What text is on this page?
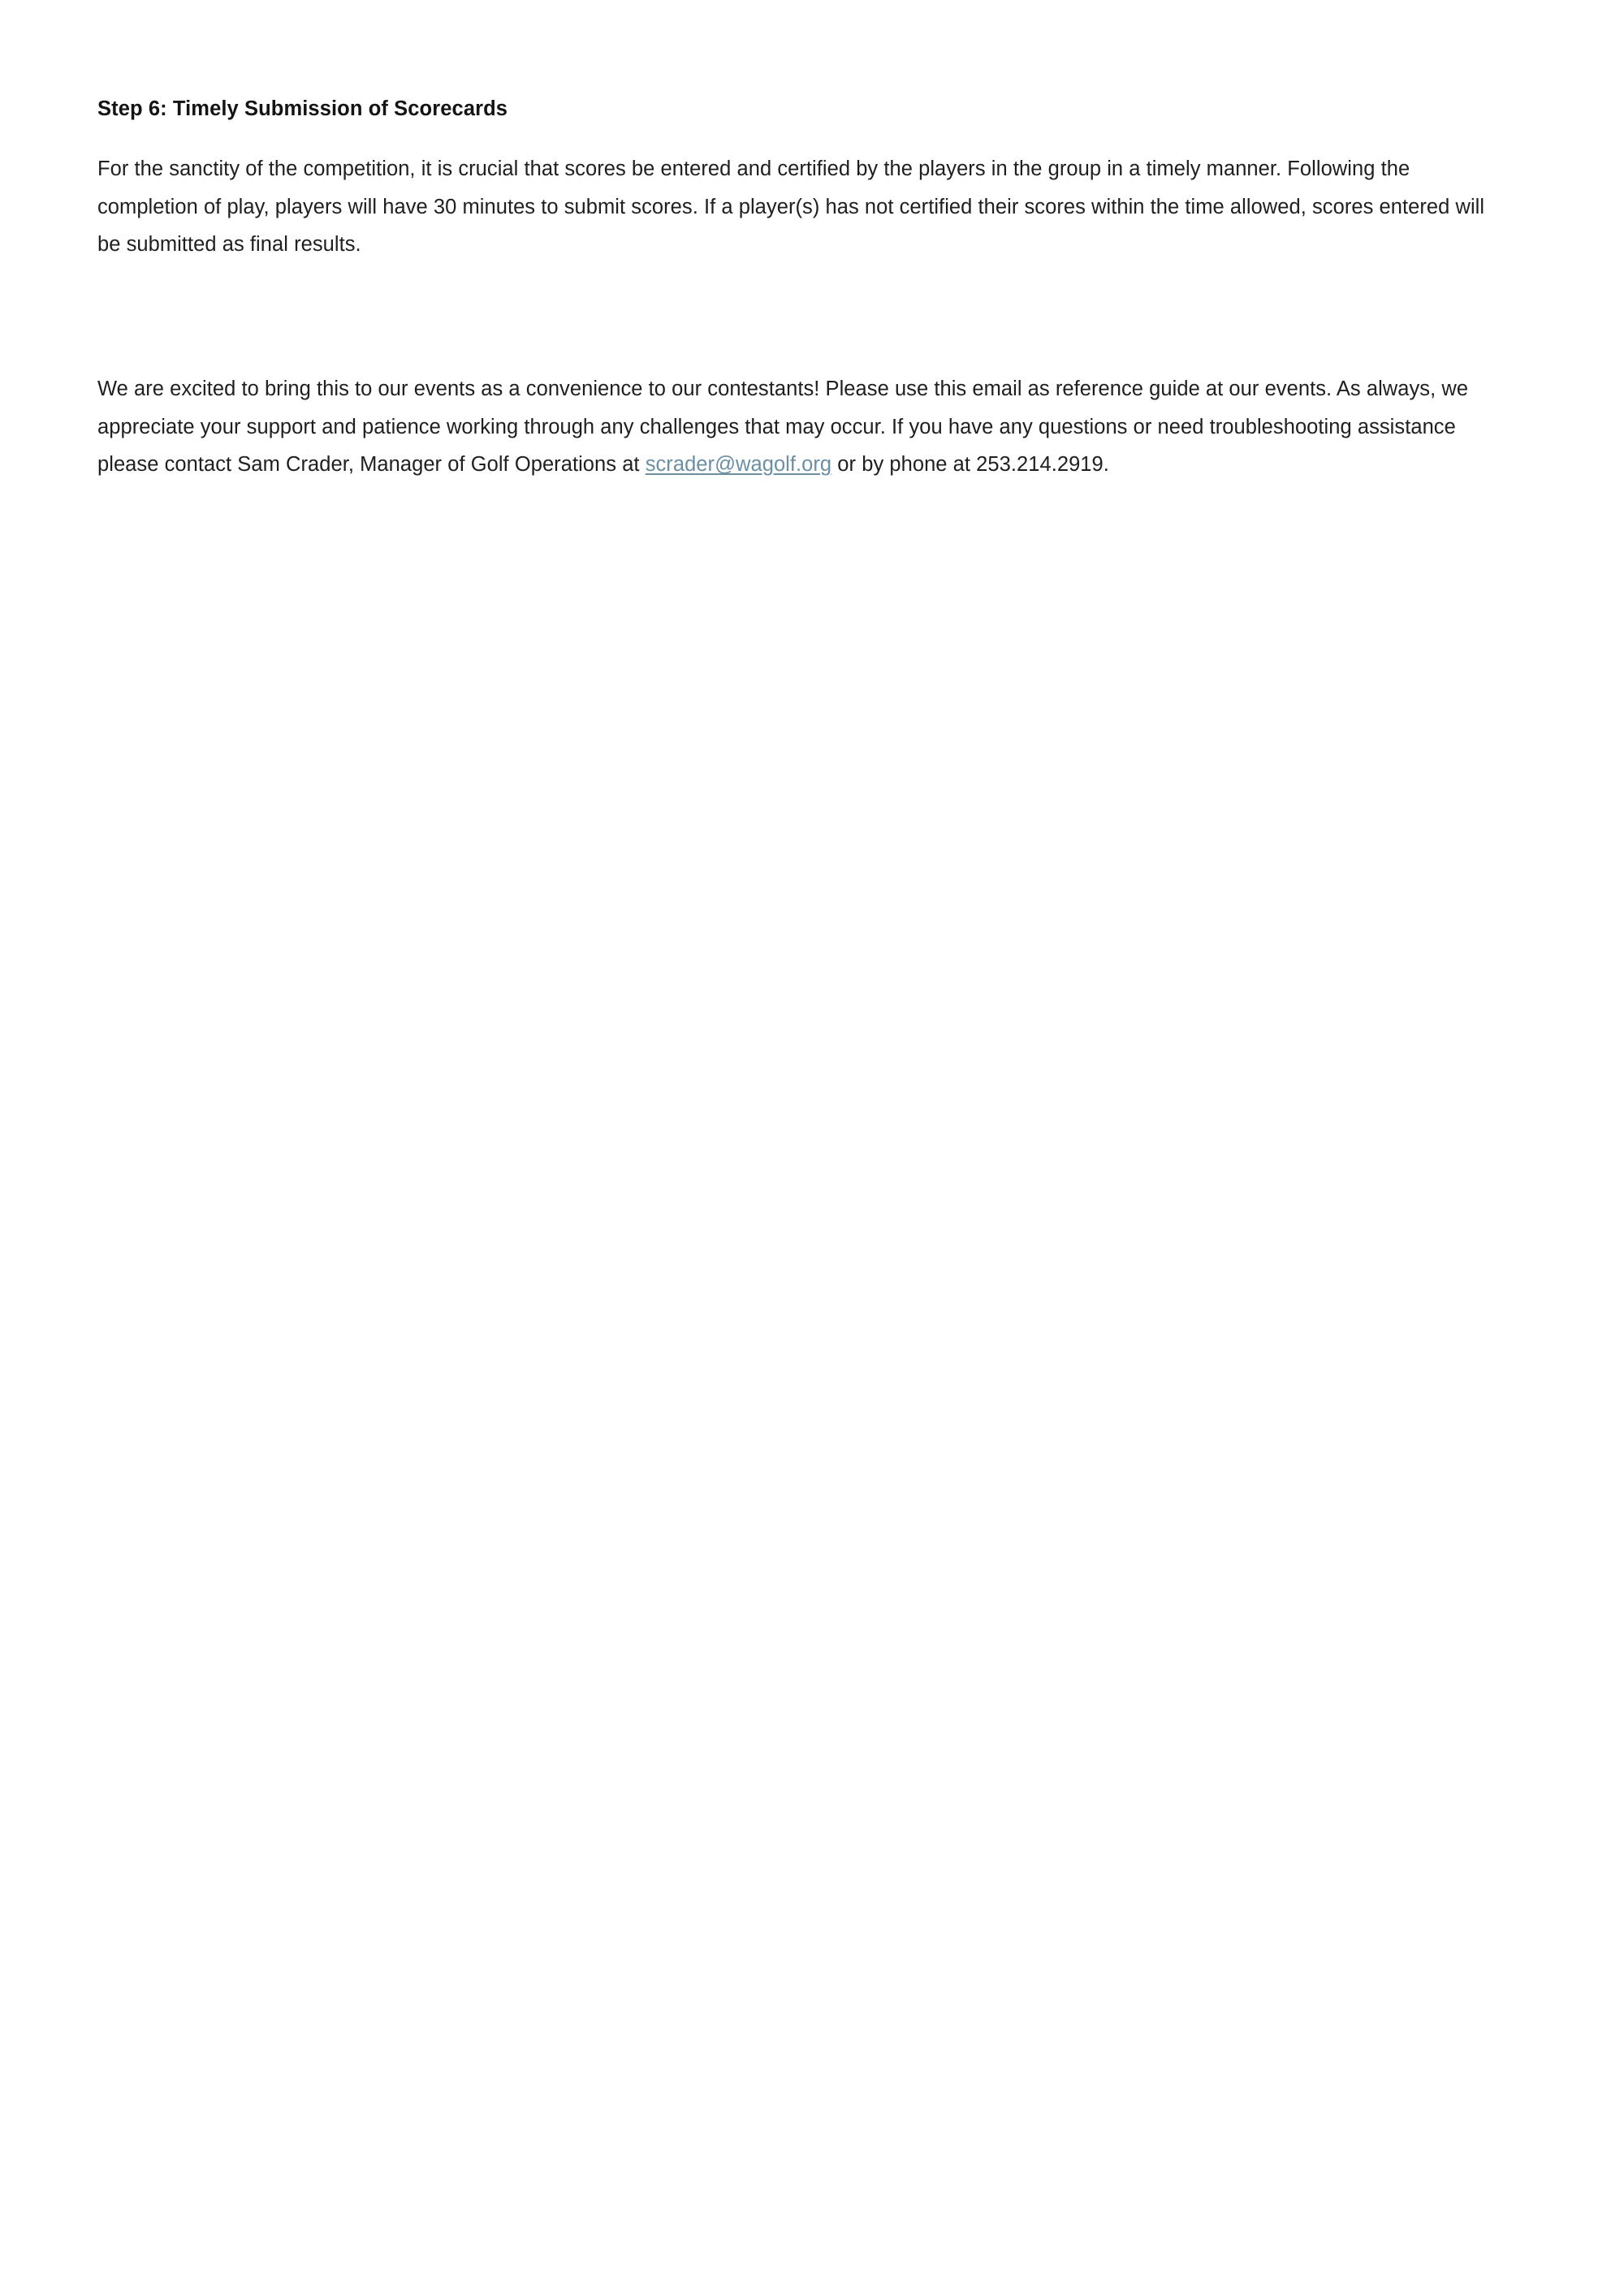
Step 6: Timely Submission of Scorecards

For the sanctity of the competition, it is crucial that scores be entered and certified by the players in the group in a timely manner. Following the completion of play, players will have 30 minutes to submit scores. If a player(s) has not certified their scores within the time allowed, scores entered will be submitted as final results.

We are excited to bring this to our events as a convenience to our contestants! Please use this email as reference guide at our events. As always, we appreciate your support and patience working through any challenges that may occur. If you have any questions or need troubleshooting assistance please contact Sam Crader, Manager of Golf Operations at scrader@wagolf.org or by phone at 253.214.2919.
